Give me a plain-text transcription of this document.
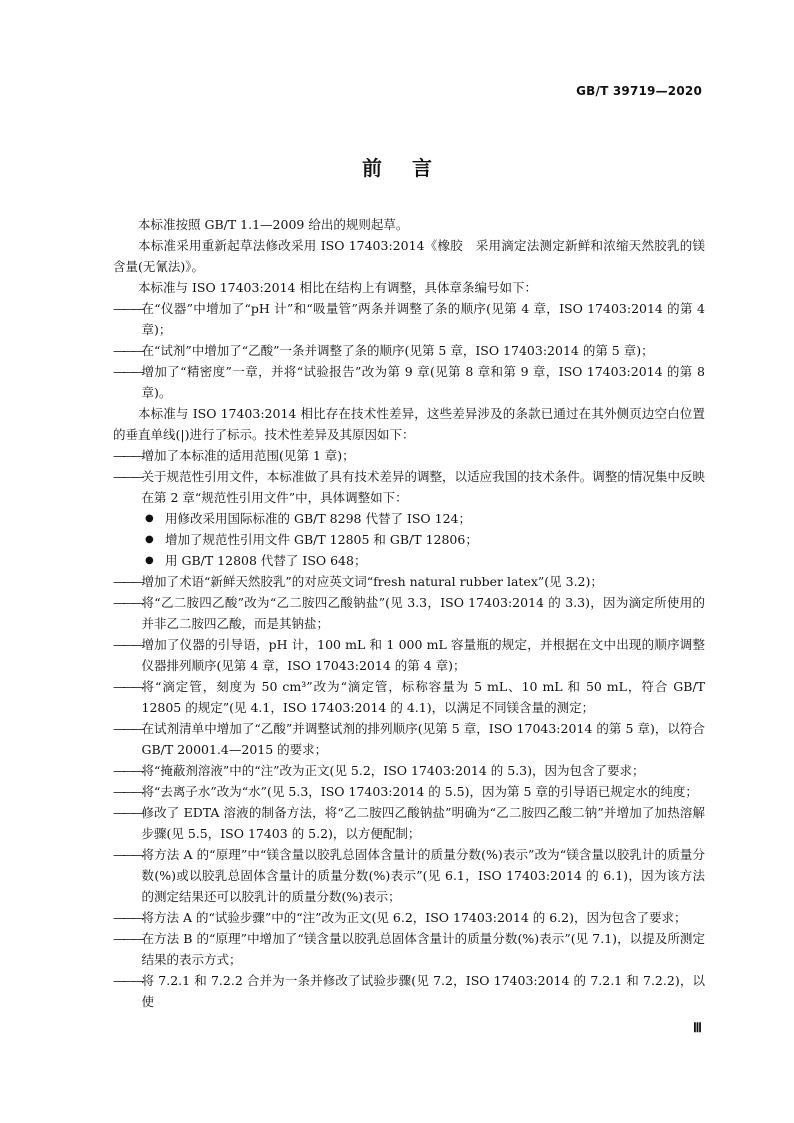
GB/T 39719—2020
前言

本标准按照 GB/T 1.1—2009 给出的规则起草。

本标准采用重新起草法修改采用 ISO 17403:2014《橡胶　采用滴定法测定新鲜和浓缩天然胶乳的镁含量(无氰法)》。

本标准与 ISO 17403:2014 相比在结构上有调整，具体章条编号如下：

——— 在“仪器”中增加了“pH 计”和“吸量管”两条并调整了条的顺序(见第 4 章，ISO 17403:2014 的第 4 章)；
——— 在“试剂”中增加了“乙酸”一条并调整了条的顺序(见第 5 章，ISO 17403:2014 的第 5 章)；
——— 增加了“精密度”一章，并将“试验报告”改为第 9 章(见第 8 章和第 9 章，ISO 17403:2014 的第 8 章)。

本标准与 ISO 17403:2014 相比存在技术性差异，这些差异涉及的条款已通过在其外侧页边空白位置的垂直单线(|)进行了标示。技术性差异及其原因如下：

——— 增加了本标准的适用范围(见第 1 章)；
——— 关于规范性引用文件，本标准做了具有技术差异的调整，以适应我国的技术条件。调整的情况集中反映在第 2 章“规范性引用文件”中，具体调整如下：
● 用修改采用国际标准的 GB/T 8298 代替了 ISO 124；
● 增加了规范性引用文件 GB/T 12805 和 GB/T 12806；
● 用 GB/T 12808 代替了 ISO 648；
——— 增加了术语“新鲜天然胶乳”的对应英文词“fresh natural rubber latex”(见 3.2)；
——— 将“乙二胺四乙酸”改为“乙二胺四乙酸钠盐”(见 3.3，ISO 17403:2014 的 3.3)，因为滴定所使用的并非乙二胺四乙酸，而是其钠盐；
——— 增加了仪器的引导语，pH 计，100 mL 和 1 000 mL 容量瓶的规定，并根据在文中出现的顺序调整仪器排列顺序(见第 4 章，ISO 17043:2014 的第 4 章)；
——— 将“滴定管，刻度为 50 cm³”改为“滴定管，标称容量为 5 mL、10 mL 和 50 mL，符合 GB/T 12805 的规定”(见 4.1，ISO 17403:2014 的 4.1)，以满足不同镁含量的测定；
——— 在试剂清单中增加了“乙酸”并调整试剂的排列顺序(见第 5 章，ISO 17043:2014 的第 5 章)，以符合 GB/T 20001.4—2015 的要求；
——— 将“掩蔽剂溶液”中的“注”改为正文(见 5.2，ISO 17403:2014 的 5.3)，因为包含了要求；
——— 将“去离子水”改为“水”(见 5.3，ISO 17403:2014 的 5.5)，因为第 5 章的引导语已规定水的纯度；
——— 修改了 EDTA 溶液的制备方法，将“乙二胺四乙酸钠盐”明确为“乙二胺四乙酸二钠”并增加了加热溶解步骤(见 5.5，ISO 17403 的 5.2)，以方便配制；
——— 将方法 A 的“原理”中“镁含量以胶乳总固体含量计的质量分数(%)表示”改为“镁含量以胶乳计的质量分数(%)或以胶乳总固体含量计的质量分数(%)表示”(见 6.1，ISO 17403:2014 的 6.1)，因为该方法的测定结果还可以胶乳计的质量分数(%)表示；
——— 将方法 A 的“试验步骤”中的“注”改为正文(见 6.2，ISO 17403:2014 的 6.2)，因为包含了要求；
——— 在方法 B 的“原理”中增加了“镁含量以胶乳总固体含量计的质量分数(%)表示”(见 7.1)，以提及所测定结果的表示方式；
——— 将 7.2.1 和 7.2.2 合并为一条并修改了试验步骤(见 7.2，ISO 17403:2014 的 7.2.1 和 7.2.2)，以使
Ⅲ
